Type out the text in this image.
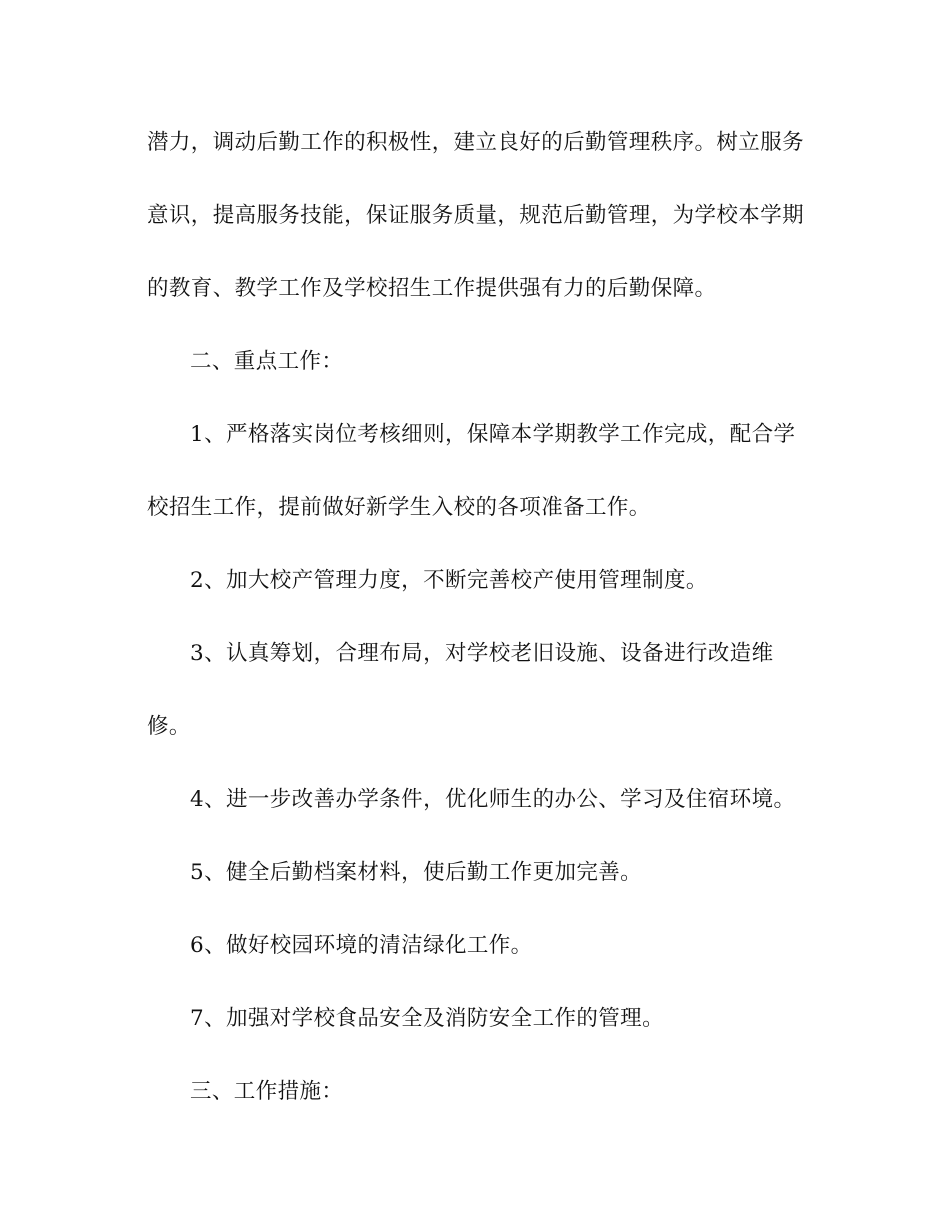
潜力，调动后勤工作的积极性，建立良好的后勤管理秩序。树立服务
意识，提高服务技能，保证服务质量，规范后勤管理，为学校本学期
的教育、教学工作及学校招生工作提供强有力的后勤保障。
二、重点工作：
1、严格落实岗位考核细则，保障本学期教学工作完成，配合学
校招生工作，提前做好新学生入校的各项准备工作。
2、加大校产管理力度，不断完善校产使用管理制度。
3、认真筹划，合理布局，对学校老旧设施、设备进行改造维
修。
4、进一步改善办学条件，优化师生的办公、学习及住宿环境。
5、健全后勤档案材料，使后勤工作更加完善。
6、做好校园环境的清洁绿化工作。
7、加强对学校食品安全及消防安全工作的管理。
三、工作措施：
